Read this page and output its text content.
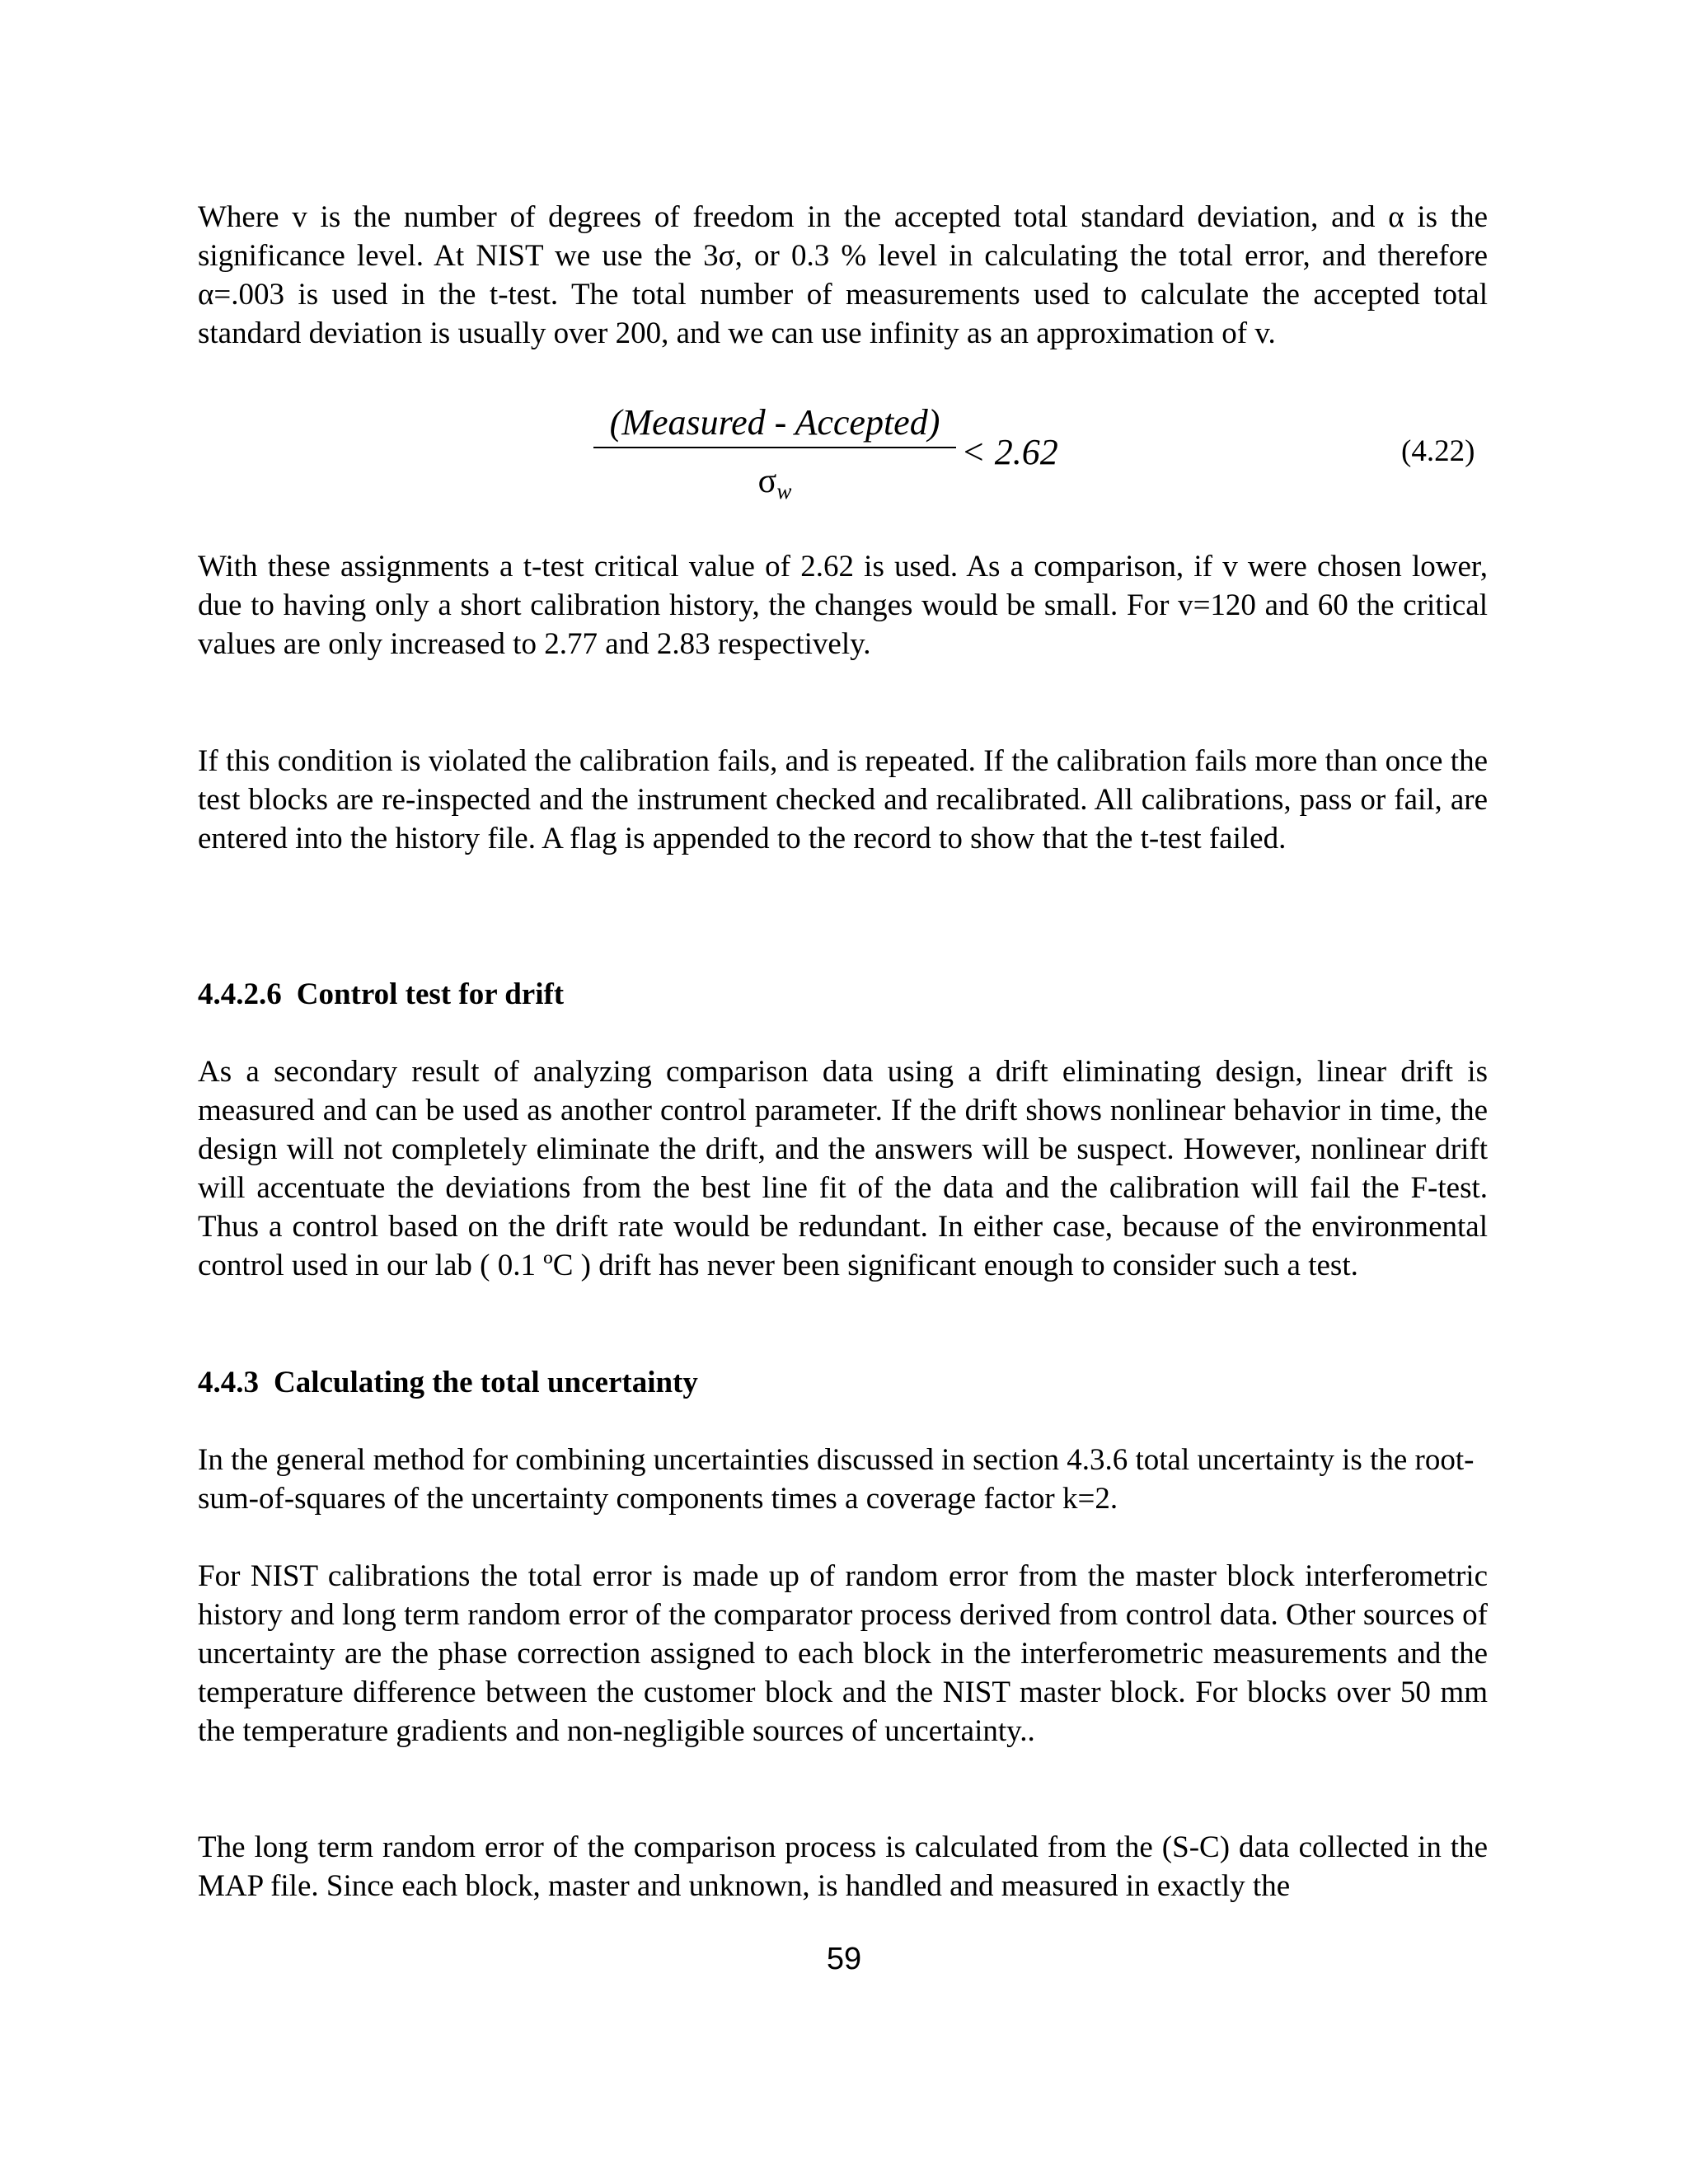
Where v is the number of degrees of freedom in the accepted total standard deviation, and α is the significance level. At NIST we use the 3σ, or 0.3 % level in calculating the total error, and therefore α=.003 is used in the t-test. The total number of measurements used to calculate the accepted total standard deviation is usually over 200, and we can use infinity as an approximation of v.

(Measured - Accepted)
σw
< 2.62	(4.22)

With these assignments a t-test critical value of 2.62 is used. As a comparison, if v were chosen lower, due to having only a short calibration history, the changes would be small. For v=120 and 60 the critical values are only increased to 2.77 and 2.83 respectively.

If this condition is violated the calibration fails, and is repeated. If the calibration fails more than once the test blocks are re-inspected and the instrument checked and recalibrated. All calibrations, pass or fail, are entered into the history file. A flag is appended to the record to show that the t-test failed.

4.4.2.6 Control test for drift

As a secondary result of analyzing comparison data using a drift eliminating design, linear drift is measured and can be used as another control parameter. If the drift shows nonlinear behavior in time, the design will not completely eliminate the drift, and the answers will be suspect. However, nonlinear drift will accentuate the deviations from the best line fit of the data and the calibration will fail the F-test. Thus a control based on the drift rate would be redundant. In either case, because of the environmental control used in our lab ( 0.1 ºC ) drift has never been significant enough to consider such a test.

4.4.3 Calculating the total uncertainty

In the general method for combining uncertainties discussed in section 4.3.6 total uncertainty is the root-sum-of-squares of the uncertainty components times a coverage factor k=2.

For NIST calibrations the total error is made up of random error from the master block interferometric history and long term random error of the comparator process derived from control data. Other sources of uncertainty are the phase correction assigned to each block in the interferometric measurements and the temperature difference between the customer block and the NIST master block. For blocks over 50 mm the temperature gradients and non-negligible sources of uncertainty..

The long term random error of the comparison process is calculated from the (S-C) data collected in the MAP file. Since each block, master and unknown, is handled and measured in exactly the

59
